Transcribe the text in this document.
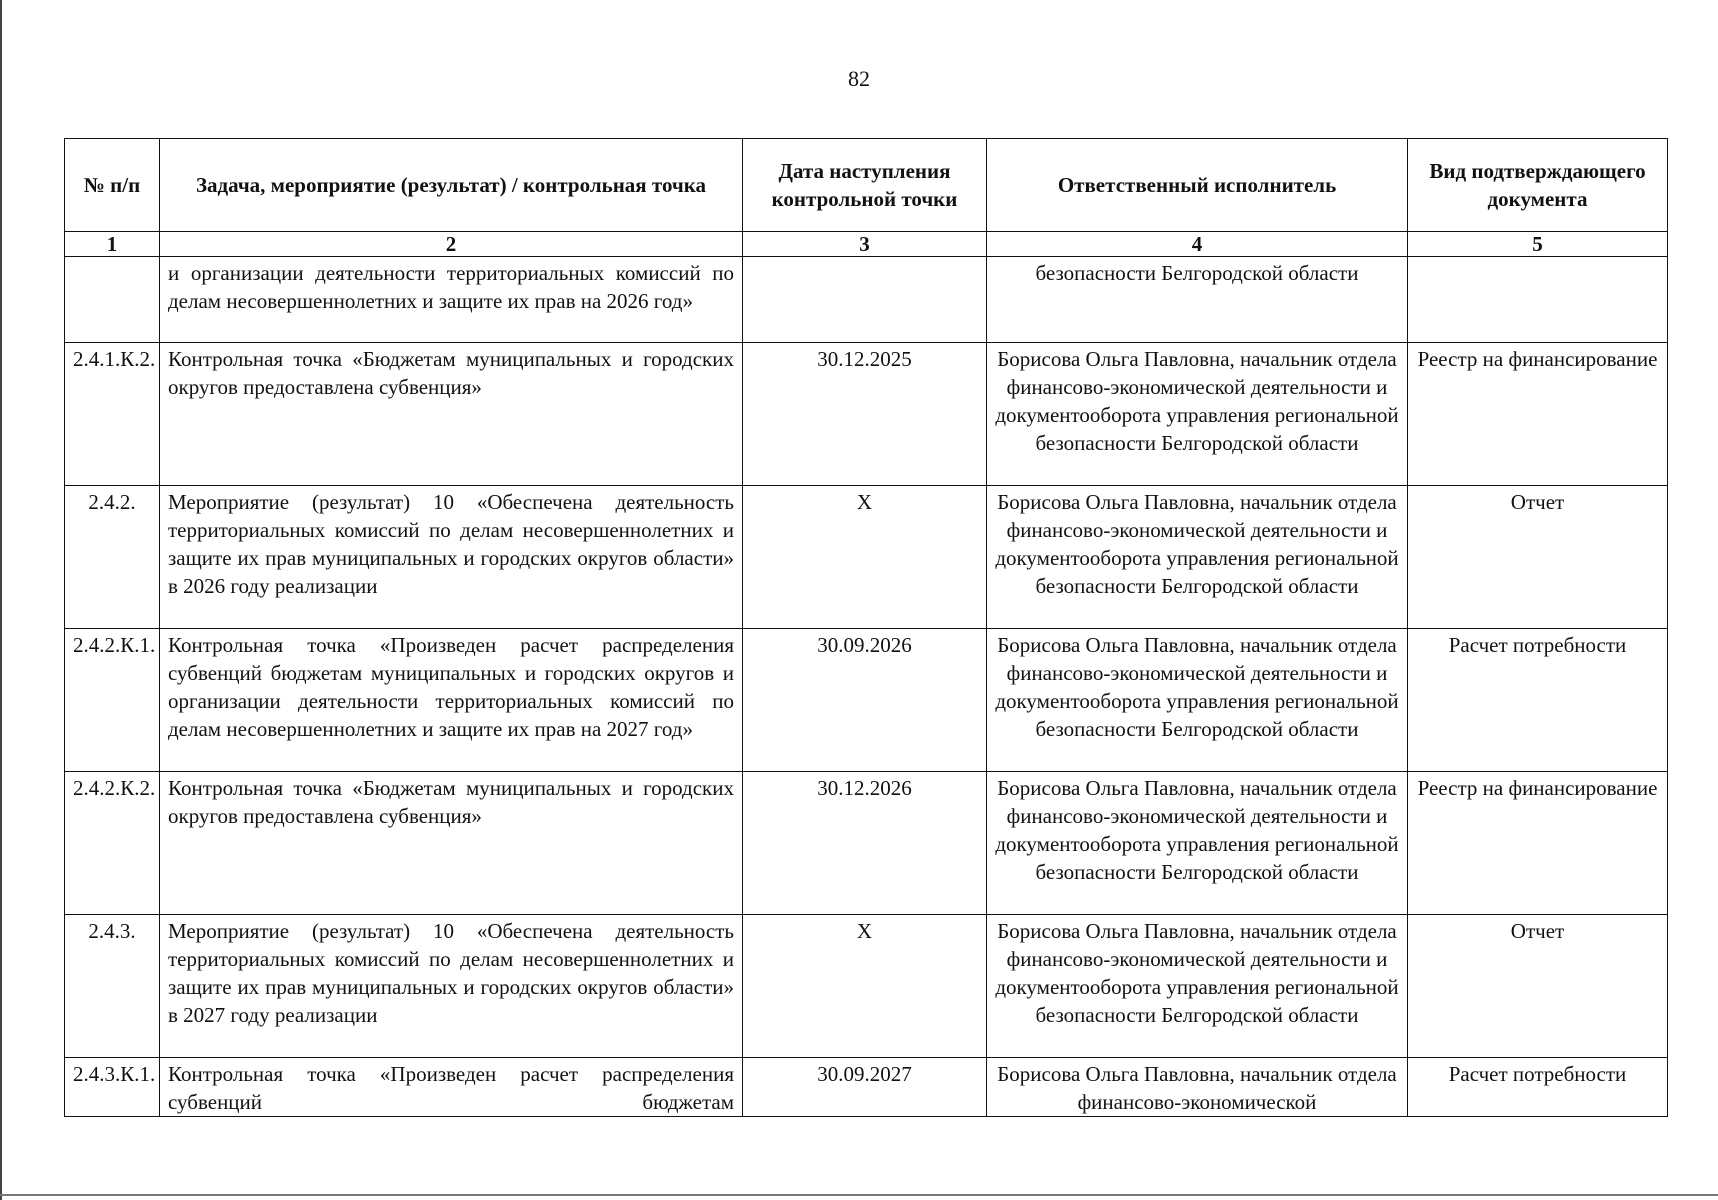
82
№ п/п	Задача, мероприятие (результат) / контрольная точка	Дата наступления контрольной точки	Ответственный исполнитель	Вид подтверждающего документа
1	2	3	4	5
	и организации деятельности территориальных комиссий по делам несовершеннолетних и защите их прав на 2026 год»		безопасности Белгородской области	
2.4.1.К.2.	Контрольная точка «Бюджетам муниципальных и городских округов предоставлена субвенция»	30.12.2025	Борисова Ольга Павловна, начальник отдела финансово-экономической деятельности и документооборота управления региональной безопасности Белгородской области	Реестр на финансирование
2.4.2.	Мероприятие (результат) 10 «Обеспечена деятельность территориальных комиссий по делам несовершеннолетних и защите их прав муниципальных и городских округов области» в 2026 году реализации	Х	Борисова Ольга Павловна, начальник отдела финансово-экономической деятельности и документооборота управления региональной безопасности Белгородской области	Отчет
2.4.2.К.1.	Контрольная точка «Произведен расчет распределения субвенций бюджетам муниципальных и городских округов и организации деятельности территориальных комиссий по делам несовершеннолетних и защите их прав на 2027 год»	30.09.2026	Борисова Ольга Павловна, начальник отдела финансово-экономической деятельности и документооборота управления региональной безопасности Белгородской области	Расчет потребности
2.4.2.К.2.	Контрольная точка «Бюджетам муниципальных и городских округов предоставлена субвенция»	30.12.2026	Борисова Ольга Павловна, начальник отдела финансово-экономической деятельности и документооборота управления региональной безопасности Белгородской области	Реестр на финансирование
2.4.3.	Мероприятие (результат) 10 «Обеспечена деятельность территориальных комиссий по делам несовершеннолетних и защите их прав муниципальных и городских округов области» в 2027 году реализации	Х	Борисова Ольга Павловна, начальник отдела финансово-экономической деятельности и документооборота управления региональной безопасности Белгородской области	Отчет
2.4.3.К.1.	Контрольная точка «Произведен расчет распределения субвенций бюджетам	30.09.2027	Борисова Ольга Павловна, начальник отдела финансово-экономической	Расчет потребности
